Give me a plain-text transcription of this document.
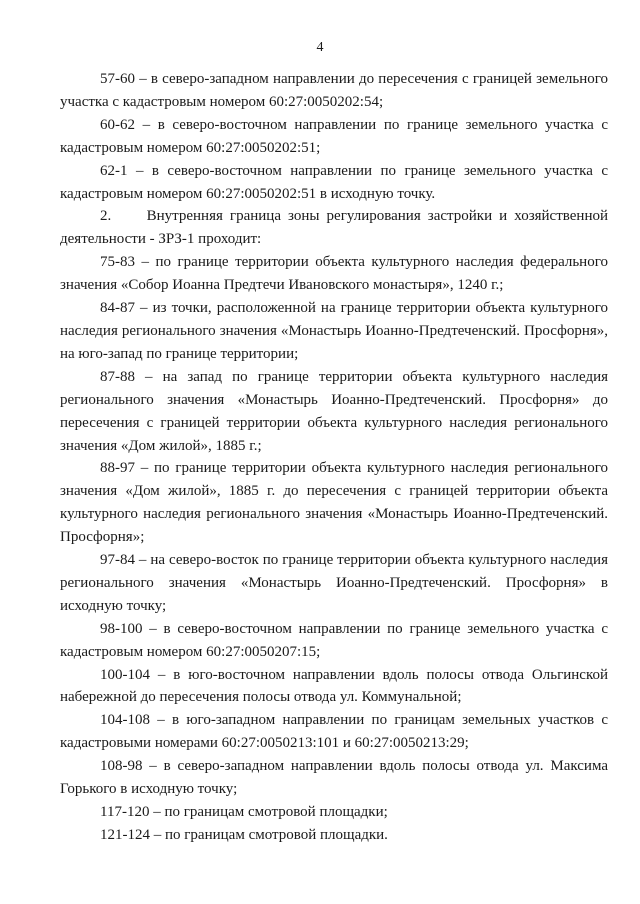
4

57-60 – в северо-западном направлении до пересечения с границей земельного участка с кадастровым номером 60:27:0050202:54;

60-62 – в северо-восточном направлении по границе земельного участка с кадастровым номером 60:27:0050202:51;

62-1 – в северо-восточном направлении по границе земельного участка с кадастровым номером 60:27:0050202:51 в исходную точку.

2.     Внутренняя граница зоны регулирования застройки и хозяйственной деятельности - ЗРЗ-1 проходит:

75-83 – по границе территории объекта культурного наследия федерального значения «Собор Иоанна Предтечи Ивановского монастыря», 1240 г.;

84-87 – из точки, расположенной на границе территории объекта культурного наследия регионального значения «Монастырь Иоанно-Предтеченский. Просфорня», на юго-запад по границе территории;

87-88 – на запад по границе территории объекта культурного наследия регионального значения «Монастырь Иоанно-Предтеченский. Просфорня» до пересечения с границей территории объекта культурного наследия регионального значения «Дом жилой», 1885 г.;

88-97 – по границе территории объекта культурного наследия регионального значения «Дом жилой», 1885 г. до пересечения с границей территории объекта культурного наследия регионального значения «Монастырь Иоанно-Предтеченский. Просфорня»;

97-84 – на северо-восток по границе территории объекта культурного наследия регионального значения «Монастырь Иоанно-Предтеченский. Просфорня» в исходную точку;

98-100 – в северо-восточном направлении по границе земельного участка с кадастровым номером 60:27:0050207:15;

100-104 – в юго-восточном направлении вдоль полосы отвода Ольгинской набережной до пересечения полосы отвода ул. Коммунальной;

104-108 – в юго-западном направлении по границам земельных участков с кадастровыми номерами 60:27:0050213:101 и 60:27:0050213:29;

108-98 – в северо-западном направлении вдоль полосы отвода ул. Максима Горького в исходную точку;

117-120 – по границам смотровой площадки;

121-124 – по границам смотровой площадки.
